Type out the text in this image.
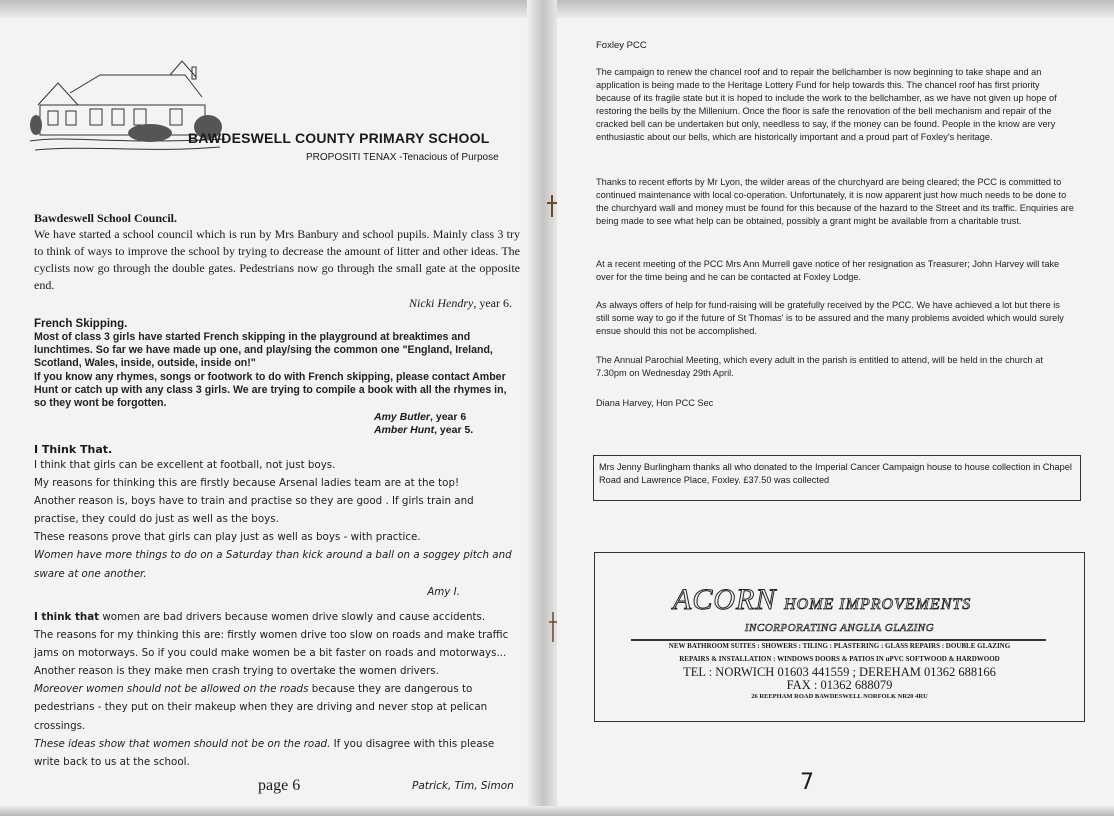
BAWDESWELL COUNTY PRIMARY SCHOOL
PROPOSITI TENAX -Tenacious of Purpose
Bawdeswell School Council.
We have started a school council which is run by Mrs Banbury and school pupils. Mainly class 3 try to think of ways to improve the school by trying to decrease the amount of litter and other ideas. The cyclists now go through the double gates. Pedestrians now go through the small gate at the opposite end.
Nicki Hendry, year 6.
French Skipping.
Most of class 3 girls have started French skipping in the playground at breaktimes and lunchtimes. So far we have made up one, and play/sing the common one "England, Ireland, Scotland, Wales, inside, outside, inside on!"
If you know any rhymes, songs or footwork to do with French skipping, please contact Amber Hunt or catch up with any class 3 girls. We are trying to compile a book with all the rhymes in, so they wont be forgotten.
Amy Butler, year 6
Amber Hunt, year 5.
I Think That.
I think that girls can be excellent at football, not just boys.
My reasons for thinking this are firstly because Arsenal ladies team are at the top!
Another reason is, boys have to train and practise so they are good . If girls train and practise, they could do just as well as the boys.
These reasons prove that girls can play just as well as boys - with practice.
Women have more things to do on a Saturday than kick around a ball on a soggey pitch and sware at one another.
Amy I.
I think that women are bad drivers because women drive slowly and cause accidents.
The reasons for my thinking this are: firstly women drive too slow on roads and make traffic jams on motorways. So if you could make women be a bit faster on roads and motorways...
Another reason is they make men crash trying to overtake the women drivers.
Moreover women should not be allowed on the roads because they are dangerous to pedestrians - they put on their makeup when they are driving and never stop at pelican crossings.
These ideas show that women should not be on the road. If you disagree with this please write back to us at the school.
page 6	Patrick, Tim, Simon
Foxley PCC
The campaign to renew the chancel roof and to repair the bellchamber is now beginning to take shape and an application is being made to the Heritage Lottery Fund for help towards this. The chancel roof has first priority because of its fragile state but it is hoped to include the work to the bellchamber, as we have not given up hope of restoring the bells by the Millenium. Once the floor is safe the renovation of the bell mechanism and repair of the cracked bell can be undertaken but only, needless to say, if the money can be found. People in the know are very enthusiastic about our bells, which are historically important and a proud part of Foxley's heritage.
Thanks to recent efforts by Mr Lyon, the wilder areas of the churchyard are being cleared; the PCC is committed to continued maintenance with local co-operation. Unfortunately, it is now apparent just how much needs to be done to the churchyard wall and money must be found for this because of the hazard to the Street and its traffic. Enquiries are being made to see what help can be obtained, possibly a grant might be available from a charitable trust.
At a recent meeting of the PCC Mrs Ann Murrell gave notice of her resignation as Treasurer; John Harvey will take over for the time being and he can be contacted at Foxley Lodge.
As always offers of help for fund-raising will be gratefully received by the PCC. We have achieved a lot but there is still some way to go if the future of St Thomas' is to be assured and the many problems avoided which would surely ensue should this not be accomplished.
The Annual Parochial Meeting, which every adult in the parish is entitled to attend, will be held in the church at 7.30pm on Wednesday 29th April.
Diana Harvey, Hon PCC Sec
Mrs Jenny Burlingham thanks all who donated to the Imperial Cancer Campaign house to house collection in Chapel Road and Lawrence Place, Foxley. £37.50 was collected
ACORN HOME IMPROVEMENTS
INCORPORATING ANGLIA GLAZING
NEW BATHROOM SUITES : SHOWERS : TILING : PLASTERING : GLASS REPAIRS : DOUBLE GLAZING
REPAIRS & INSTALLATION : WINDOWS DOORS & PATIOS IN uPVC SOFTWOOD & HARDWOOD
TEL : NORWICH 01603 441559 ; DEREHAM 01362 688166
FAX : 01362 688079
26 REEPHAM ROAD BAWDESWELL NORFOLK NR20 4RU
7
